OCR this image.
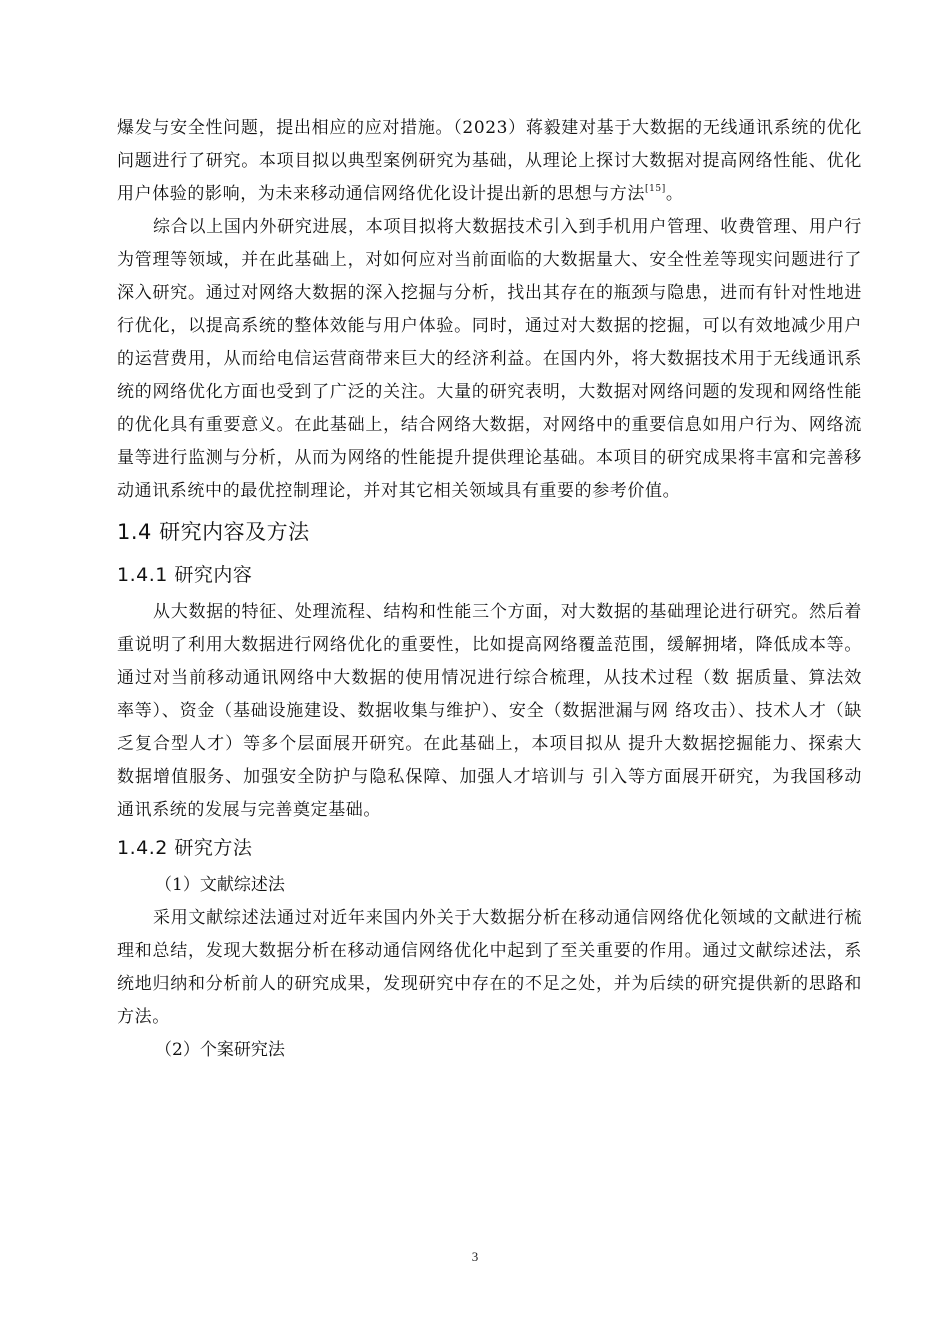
爆发与安全性问题，提出相应的应对措施。（2023）蒋毅建对基于大数据的无线通讯系统的优化问题进行了研究。本项目拟以典型案例研究为基础，从理论上探讨大数据对提高网络性能、优化用户体验的影响，为未来移动通信网络优化设计提出新的思想与方法[15]。

综合以上国内外研究进展，本项目拟将大数据技术引入到手机用户管理、收费管理、用户行为管理等领域，并在此基础上，对如何应对当前面临的大数据量大、安全性差等现实问题进行了深入研究。通过对网络大数据的深入挖掘与分析，找出其存在的瓶颈与隐患，进而有针对性地进行优化，以提高系统的整体效能与用户体验。同时，通过对大数据的挖掘，可以有效地减少用户的运营费用，从而给电信运营商带来巨大的经济利益。在国内外，将大数据技术用于无线通讯系统的网络优化方面也受到了广泛的关注。大量的研究表明，大数据对网络问题的发现和网络性能的优化具有重要意义。在此基础上，结合网络大数据，对网络中的重要信息如用户行为、网络流量等进行监测与分析，从而为网络的性能提升提供理论基础。本项目的研究成果将丰富和完善移动通讯系统中的最优控制理论，并对其它相关领域具有重要的参考价值。

1.4 研究内容及方法
1.4.1 研究内容

从大数据的特征、处理流程、结构和性能三个方面，对大数据的基础理论进行研究。然后着重说明了利用大数据进行网络优化的重要性，比如提高网络覆盖范围，缓解拥堵，降低成本等。通过对当前移动通讯网络中大数据的使用情况进行综合梳理，从技术过程（数 据质量、算法效率等）、资金（基础设施建设、数据收集与维护）、安全（数据泄漏与网 络攻击）、技术人才（缺乏复合型人才）等多个层面展开研究。在此基础上，本项目拟从 提升大数据挖掘能力、探索大数据增值服务、加强安全防护与隐私保障、加强人才培训与 引入等方面展开研究，为我国移动通讯系统的发展与完善奠定基础。

1.4.2 研究方法

（1）文献综述法

采用文献综述法通过对近年来国内外关于大数据分析在移动通信网络优化领域的文献进行梳理和总结，发现大数据分析在移动通信网络优化中起到了至关重要的作用。通过文献综述法，系统地归纳和分析前人的研究成果，发现研究中存在的不足之处，并为后续的研究提供新的思路和方法。

（2）个案研究法

3
